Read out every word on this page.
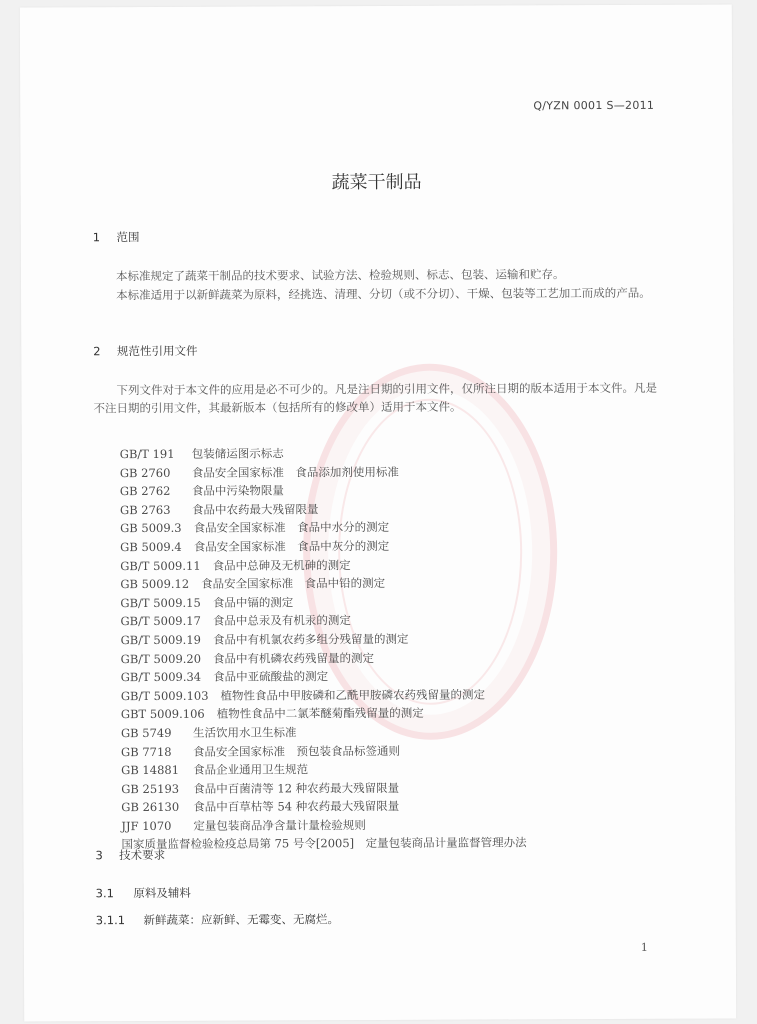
Q/YZN 0001 S—2011
蔬菜干制品
1 范围
本标准规定了蔬菜干制品的技术要求、试验方法、检验规则、标志、包装、运输和贮存。
本标准适用于以新鲜蔬菜为原料，经挑选、清理、分切（或不分切）、干燥、包装等工艺加工而成的产品。
2 规范性引用文件
下列文件对于本文件的应用是必不可少的。凡是注日期的引用文件，仅所注日期的版本适用于本文件。凡是不注日期的引用文件，其最新版本（包括所有的修改单）适用于本文件。
GB/T 191 包装储运图示标志
GB 2760 食品安全国家标准　食品添加剂使用标准
GB 2762 食品中污染物限量
GB 2763 食品中农药最大残留限量
GB 5009.3 食品安全国家标准　食品中水分的测定
GB 5009.4 食品安全国家标准　食品中灰分的测定
GB/T 5009.11 食品中总砷及无机砷的测定
GB 5009.12 食品安全国家标准　食品中铅的测定
GB/T 5009.15 食品中镉的测定
GB/T 5009.17 食品中总汞及有机汞的测定
GB/T 5009.19 食品中有机氯农药多组分残留量的测定
GB/T 5009.20 食品中有机磷农药残留量的测定
GB/T 5009.34 食品中亚硫酸盐的测定
GB/T 5009.103 植物性食品中甲胺磷和乙酰甲胺磷农药残留量的测定
GBT 5009.106 植物性食品中二氯苯醚菊酯残留量的测定
GB 5749 生活饮用水卫生标准
GB 7718 食品安全国家标准　预包装食品标签通则
GB 14881 食品企业通用卫生规范
GB 25193 食品中百菌清等 12 种农药最大残留限量
GB 26130 食品中百草枯等 54 种农药最大残留限量
JJF 1070 定量包装商品净含量计量检验规则
国家质量监督检验检疫总局第 75 号令[2005]　定量包装商品计量监督管理办法
3 技术要求
3.1 原料及辅料
3.1.1 新鲜蔬菜：应新鲜、无霉变、无腐烂。
1
